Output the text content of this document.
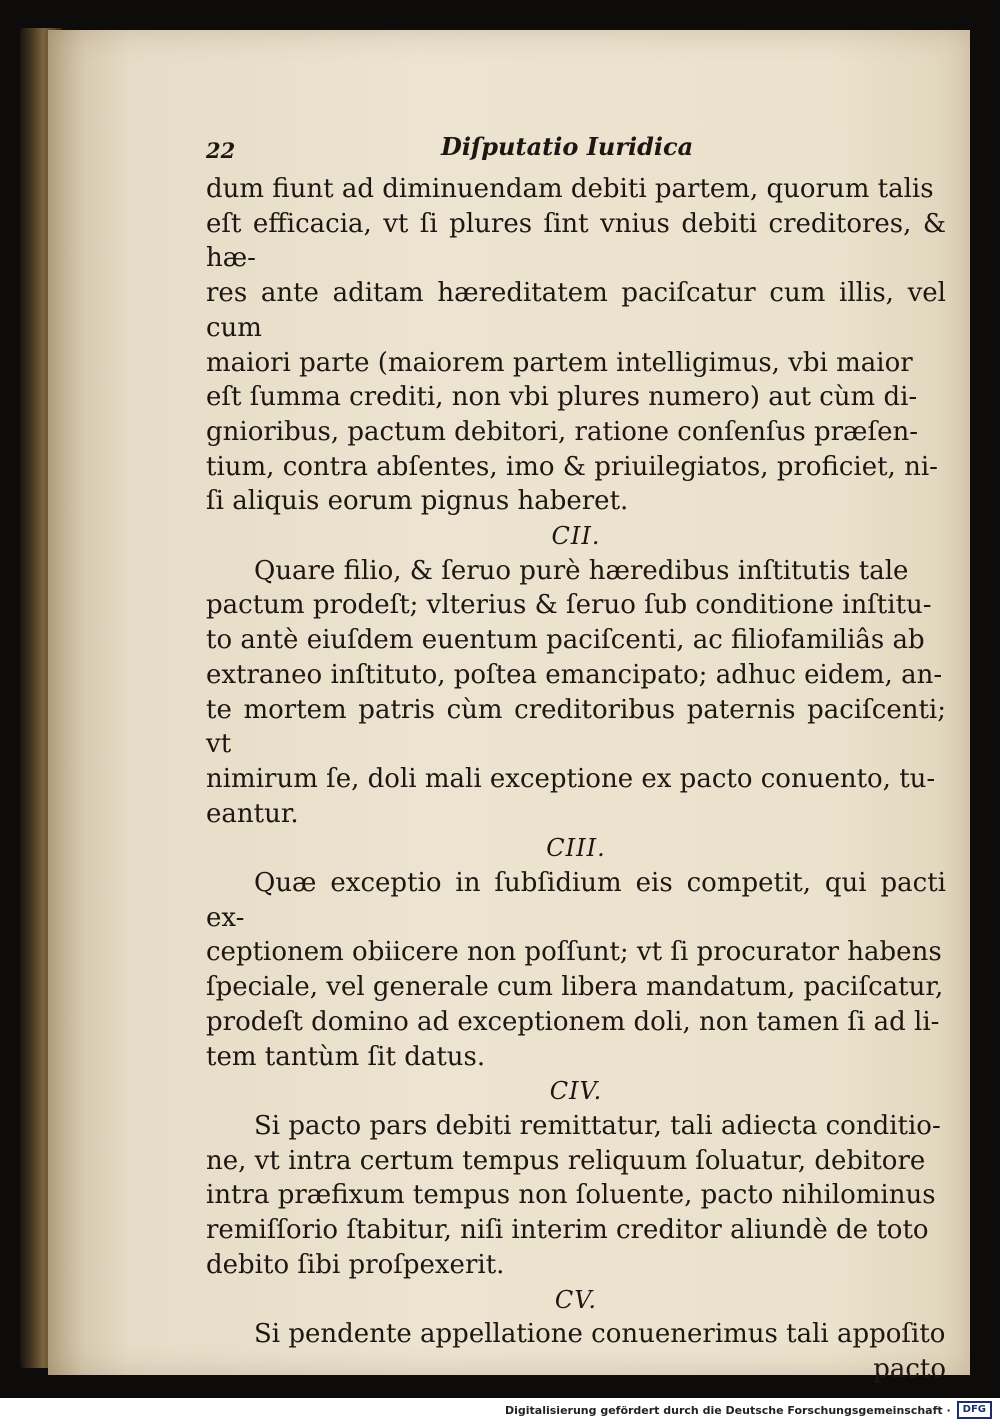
22	Diſputatio Iuridica

dum fiunt ad diminuendam debiti partem, quorum talis

eſt efficacia, vt ſi plures ſint vnius debiti creditores, & hæ-

res ante aditam hæreditatem paciſcatur cum illis, vel cum

maiori parte (maiorem partem intelligimus, vbi maior

eſt ſumma crediti, non vbi plures numero) aut cùm di-

gnioribus, pactum debitori, ratione conſenſus præſen-

tium, contra abſentes, imo & priuilegiatos, proficiet, ni-

ſi aliquis eorum pignus haberet.

CII.

Quare filio, & ſeruo purè hæredibus inſtitutis tale

pactum prodeſt; vlterius & ſeruo ſub conditione inſtitu-

to antè eiuſdem euentum paciſcenti, ac filiofamiliâs ab

extraneo inſtituto, poſtea emancipato; adhuc eidem, an-

te mortem patris cùm creditoribus paternis paciſcenti; vt

nimirum ſe, doli mali exceptione ex pacto conuento, tu-

eantur.

CIII.

Quæ exceptio in ſubſidium eis competit, qui pacti ex-

ceptionem obiicere non poſſunt; vt ſi procurator habens

ſpeciale, vel generale cum libera mandatum, paciſcatur,

prodeſt domino ad exceptionem doli, non tamen ſi ad li-

tem tantùm ſit datus.

CIV.

Si pacto pars debiti remittatur, tali adiecta conditio-

ne, vt intra certum tempus reliquum ſoluatur, debitore

intra præfixum tempus non ſoluente, pacto nihilominus

remiſſorio ſtabitur, niſi interim creditor aliundè de toto

debito ſibi proſpexerit.

CV.

Si pendente appellatione conuenerimus tali appoſito

pacto
Digitalisierung gefördert durch die Deutsche Forschungsgemeinschaft ·	DFG
